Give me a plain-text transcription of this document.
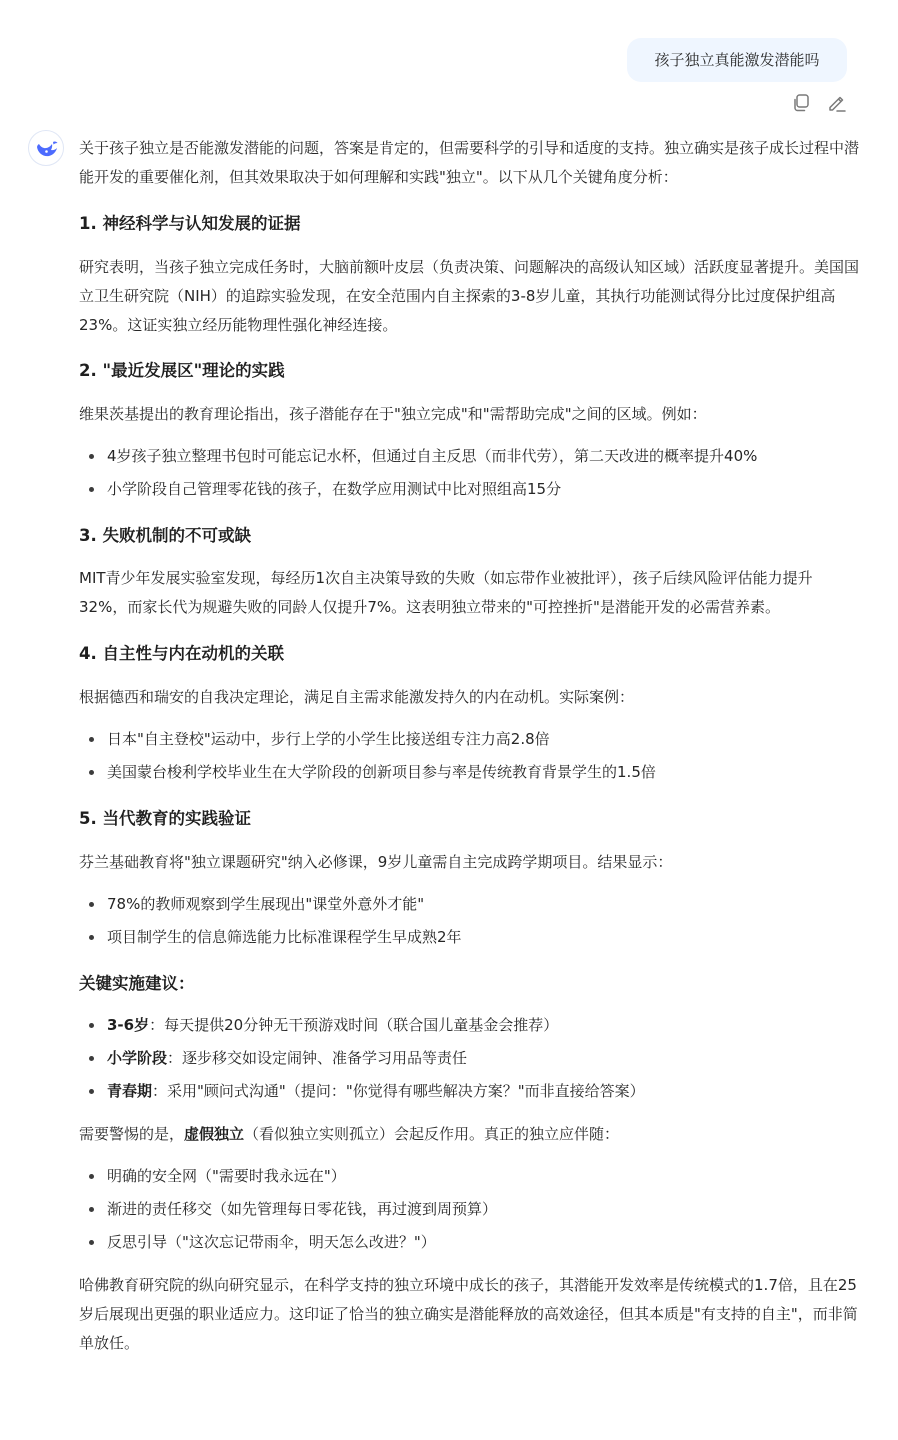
孩子独立真能激发潜能吗

关于孩子独立是否能激发潜能的问题，答案是肯定的，但需要科学的引导和适度的支持。独立确实是孩子成长过程中潜能开发的重要催化剂，但其效果取决于如何理解和实践"独立"。以下从几个关键角度分析：

1. 神经科学与认知发展的证据

研究表明，当孩子独立完成任务时，大脑前额叶皮层（负责决策、问题解决的高级认知区域）活跃度显著提升。美国国立卫生研究院（NIH）的追踪实验发现，在安全范围内自主探索的3-8岁儿童，其执行功能测试得分比过度保护组高23%。这证实独立经历能物理性强化神经连接。

2. "最近发展区"理论的实践

维果茨基提出的教育理论指出，孩子潜能存在于"独立完成"和"需帮助完成"之间的区域。例如：

4岁孩子独立整理书包时可能忘记水杯，但通过自主反思（而非代劳），第二天改进的概率提升40%
小学阶段自己管理零花钱的孩子，在数学应用测试中比对照组高15分
3. 失败机制的不可或缺

MIT青少年发展实验室发现，每经历1次自主决策导致的失败（如忘带作业被批评），孩子后续风险评估能力提升32%，而家长代为规避失败的同龄人仅提升7%。这表明独立带来的"可控挫折"是潜能开发的必需营养素。

4. 自主性与内在动机的关联

根据德西和瑞安的自我决定理论，满足自主需求能激发持久的内在动机。实际案例：

日本"自主登校"运动中，步行上学的小学生比接送组专注力高2.8倍
美国蒙台梭利学校毕业生在大学阶段的创新项目参与率是传统教育背景学生的1.5倍
5. 当代教育的实践验证

芬兰基础教育将"独立课题研究"纳入必修课，9岁儿童需自主完成跨学期项目。结果显示：

78%的教师观察到学生展现出"课堂外意外才能"
项目制学生的信息筛选能力比标准课程学生早成熟2年
关键实施建议：
3-6岁：每天提供20分钟无干预游戏时间（联合国儿童基金会推荐）
小学阶段：逐步移交如设定闹钟、准备学习用品等责任
青春期：采用"顾问式沟通"（提问："你觉得有哪些解决方案？"而非直接给答案）

需要警惕的是，虚假独立（看似独立实则孤立）会起反作用。真正的独立应伴随：

明确的安全网（"需要时我永远在"）
渐进的责任移交（如先管理每日零花钱，再过渡到周预算）
反思引导（"这次忘记带雨伞，明天怎么改进？"）

哈佛教育研究院的纵向研究显示，在科学支持的独立环境中成长的孩子，其潜能开发效率是传统模式的1.7倍，且在25岁后展现出更强的职业适应力。这印证了恰当的独立确实是潜能释放的高效途径，但其本质是"有支持的自主"，而非简单放任。
